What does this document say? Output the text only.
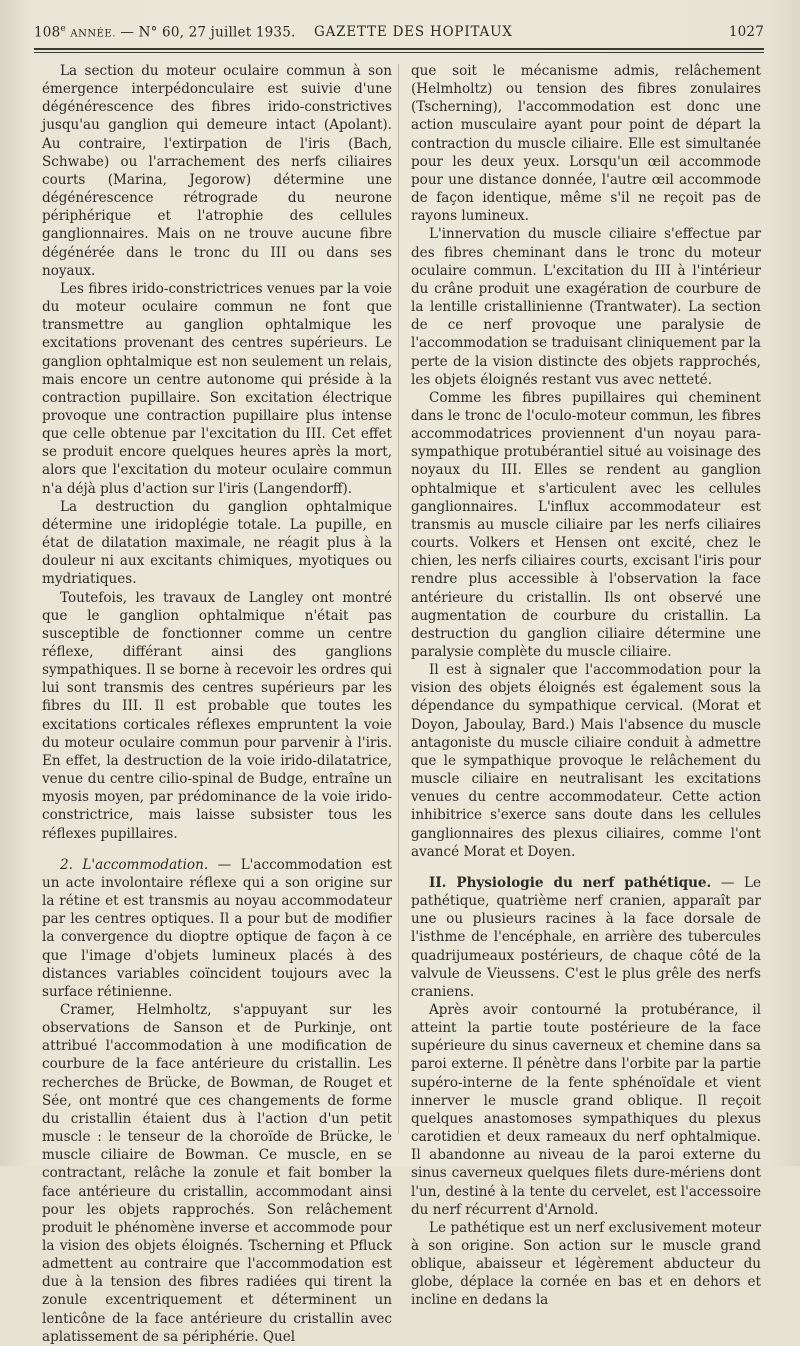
108e ANNÉE. — N° 60, 27 juillet 1935. GAZETTE DES HOPITAUX	1027

La section du moteur oculaire commun à son émergence interpédonculaire est suivie d'une dégénérescence des fibres irido-constrictives jusqu'au ganglion qui demeure intact (Apolant). Au contraire, l'extirpation de l'iris (Bach, Schwabe) ou l'arrachement des nerfs ciliaires courts (Marina, Jegorow) détermine une dégénérescence rétrograde du neurone périphérique et l'atrophie des cellules ganglionnaires. Mais on ne trouve aucune fibre dégénérée dans le tronc du III ou dans ses noyaux.

Les fibres irido-constrictrices venues par la voie du moteur oculaire commun ne font que transmettre au ganglion ophtalmique les excitations provenant des centres supérieurs. Le ganglion ophtalmique est non seulement un relais, mais encore un centre autonome qui préside à la contraction pupillaire. Son excitation électrique provoque une contraction pupillaire plus intense que celle obtenue par l'excitation du III. Cet effet se produit encore quelques heures après la mort, alors que l'excitation du moteur oculaire commun n'a déjà plus d'action sur l'iris (Langendorff).

La destruction du ganglion ophtalmique détermine une iridoplégie totale. La pupille, en état de dilatation maximale, ne réagit plus à la douleur ni aux excitants chimiques, myotiques ou mydriatiques.

Toutefois, les travaux de Langley ont montré que le ganglion ophtalmique n'était pas susceptible de fonctionner comme un centre réflexe, différant ainsi des ganglions sympathiques. Il se borne à recevoir les ordres qui lui sont transmis des centres supérieurs par les fibres du III. Il est probable que toutes les excitations corticales réflexes empruntent la voie du moteur oculaire commun pour parvenir à l'iris. En effet, la destruction de la voie irido-dilatatrice, venue du centre cilio-spinal de Budge, entraîne un myosis moyen, par prédominance de la voie irido-constrictrice, mais laisse subsister tous les réflexes pupillaires.

2. L'accommodation. — L'accommodation est un acte involontaire réflexe qui a son origine sur la rétine et est transmis au noyau accommodateur par les centres optiques. Il a pour but de modifier la convergence du dioptre optique de façon à ce que l'image d'objets lumineux placés à des distances variables coïncident toujours avec la surface rétinienne.

Cramer, Helmholtz, s'appuyant sur les observations de Sanson et de Purkinje, ont attribué l'accommodation à une modification de courbure de la face antérieure du cristallin. Les recherches de Brücke, de Bowman, de Rouget et Sée, ont montré que ces changements de forme du cristallin étaient dus à l'action d'un petit muscle : le tenseur de la choroïde de Brücke, le muscle ciliaire de Bowman. Ce muscle, en se contractant, relâche la zonule et fait bomber la face antérieure du cristallin, accommodant ainsi pour les objets rapprochés. Son relâchement produit le phénomène inverse et accommode pour la vision des objets éloignés. Tscherning et Pfluck admettent au contraire que l'accommodation est due à la tension des fibres radiées qui tirent la zonule excentriquement et déterminent un lenticône de la face antérieure du cristallin avec aplatissement de sa périphérie. Quel

que soit le mécanisme admis, relâchement (Helmholtz) ou tension des fibres zonulaires (Tscherning), l'accommodation est donc une action musculaire ayant pour point de départ la contraction du muscle ciliaire. Elle est simultanée pour les deux yeux. Lorsqu'un œil accommode pour une distance donnée, l'autre œil accommode de façon identique, même s'il ne reçoit pas de rayons lumineux.

L'innervation du muscle ciliaire s'effectue par des fibres cheminant dans le tronc du moteur oculaire commun. L'excitation du III à l'intérieur du crâne produit une exagération de courbure de la lentille cristallinienne (Trantwater). La section de ce nerf provoque une paralysie de l'accommodation se traduisant cliniquement par la perte de la vision distincte des objets rapprochés, les objets éloignés restant vus avec netteté.

Comme les fibres pupillaires qui cheminent dans le tronc de l'oculo-moteur commun, les fibres accommodatrices proviennent d'un noyau para-sympathique protubérantiel situé au voisinage des noyaux du III. Elles se rendent au ganglion ophtalmique et s'articulent avec les cellules ganglionnaires. L'influx accommodateur est transmis au muscle ciliaire par les nerfs ciliaires courts. Volkers et Hensen ont excité, chez le chien, les nerfs ciliaires courts, excisant l'iris pour rendre plus accessible à l'observation la face antérieure du cristallin. Ils ont observé une augmentation de courbure du cristallin. La destruction du ganglion ciliaire détermine une paralysie complète du muscle ciliaire.

Il est à signaler que l'accommodation pour la vision des objets éloignés est également sous la dépendance du sympathique cervical. (Morat et Doyon, Jaboulay, Bard.) Mais l'absence du muscle antagoniste du muscle ciliaire conduit à admettre que le sympathique provoque le relâchement du muscle ciliaire en neutralisant les excitations venues du centre accommodateur. Cette action inhibitrice s'exerce sans doute dans les cellules ganglionnaires des plexus ciliaires, comme l'ont avancé Morat et Doyen.

II. Physiologie du nerf pathétique. — Le pathétique, quatrième nerf cranien, apparaît par une ou plusieurs racines à la face dorsale de l'isthme de l'encéphale, en arrière des tubercules quadrijumeaux postérieurs, de chaque côté de la valvule de Vieussens. C'est le plus grêle des nerfs craniens.

Après avoir contourné la protubérance, il atteint la partie toute postérieure de la face supérieure du sinus caverneux et chemine dans sa paroi externe. Il pénètre dans l'orbite par la partie supéro-interne de la fente sphénoïdale et vient innerver le muscle grand oblique. Il reçoit quelques anastomoses sympathiques du plexus carotidien et deux rameaux du nerf ophtalmique. Il abandonne au niveau de la paroi externe du sinus caverneux quelques filets dure-mériens dont l'un, destiné à la tente du cervelet, est l'accessoire du nerf récurrent d'Arnold.

Le pathétique est un nerf exclusivement moteur à son origine. Son action sur le muscle grand oblique, abaisseur et légèrement abducteur du globe, déplace la cornée en bas et en dehors et incline en dedans la
